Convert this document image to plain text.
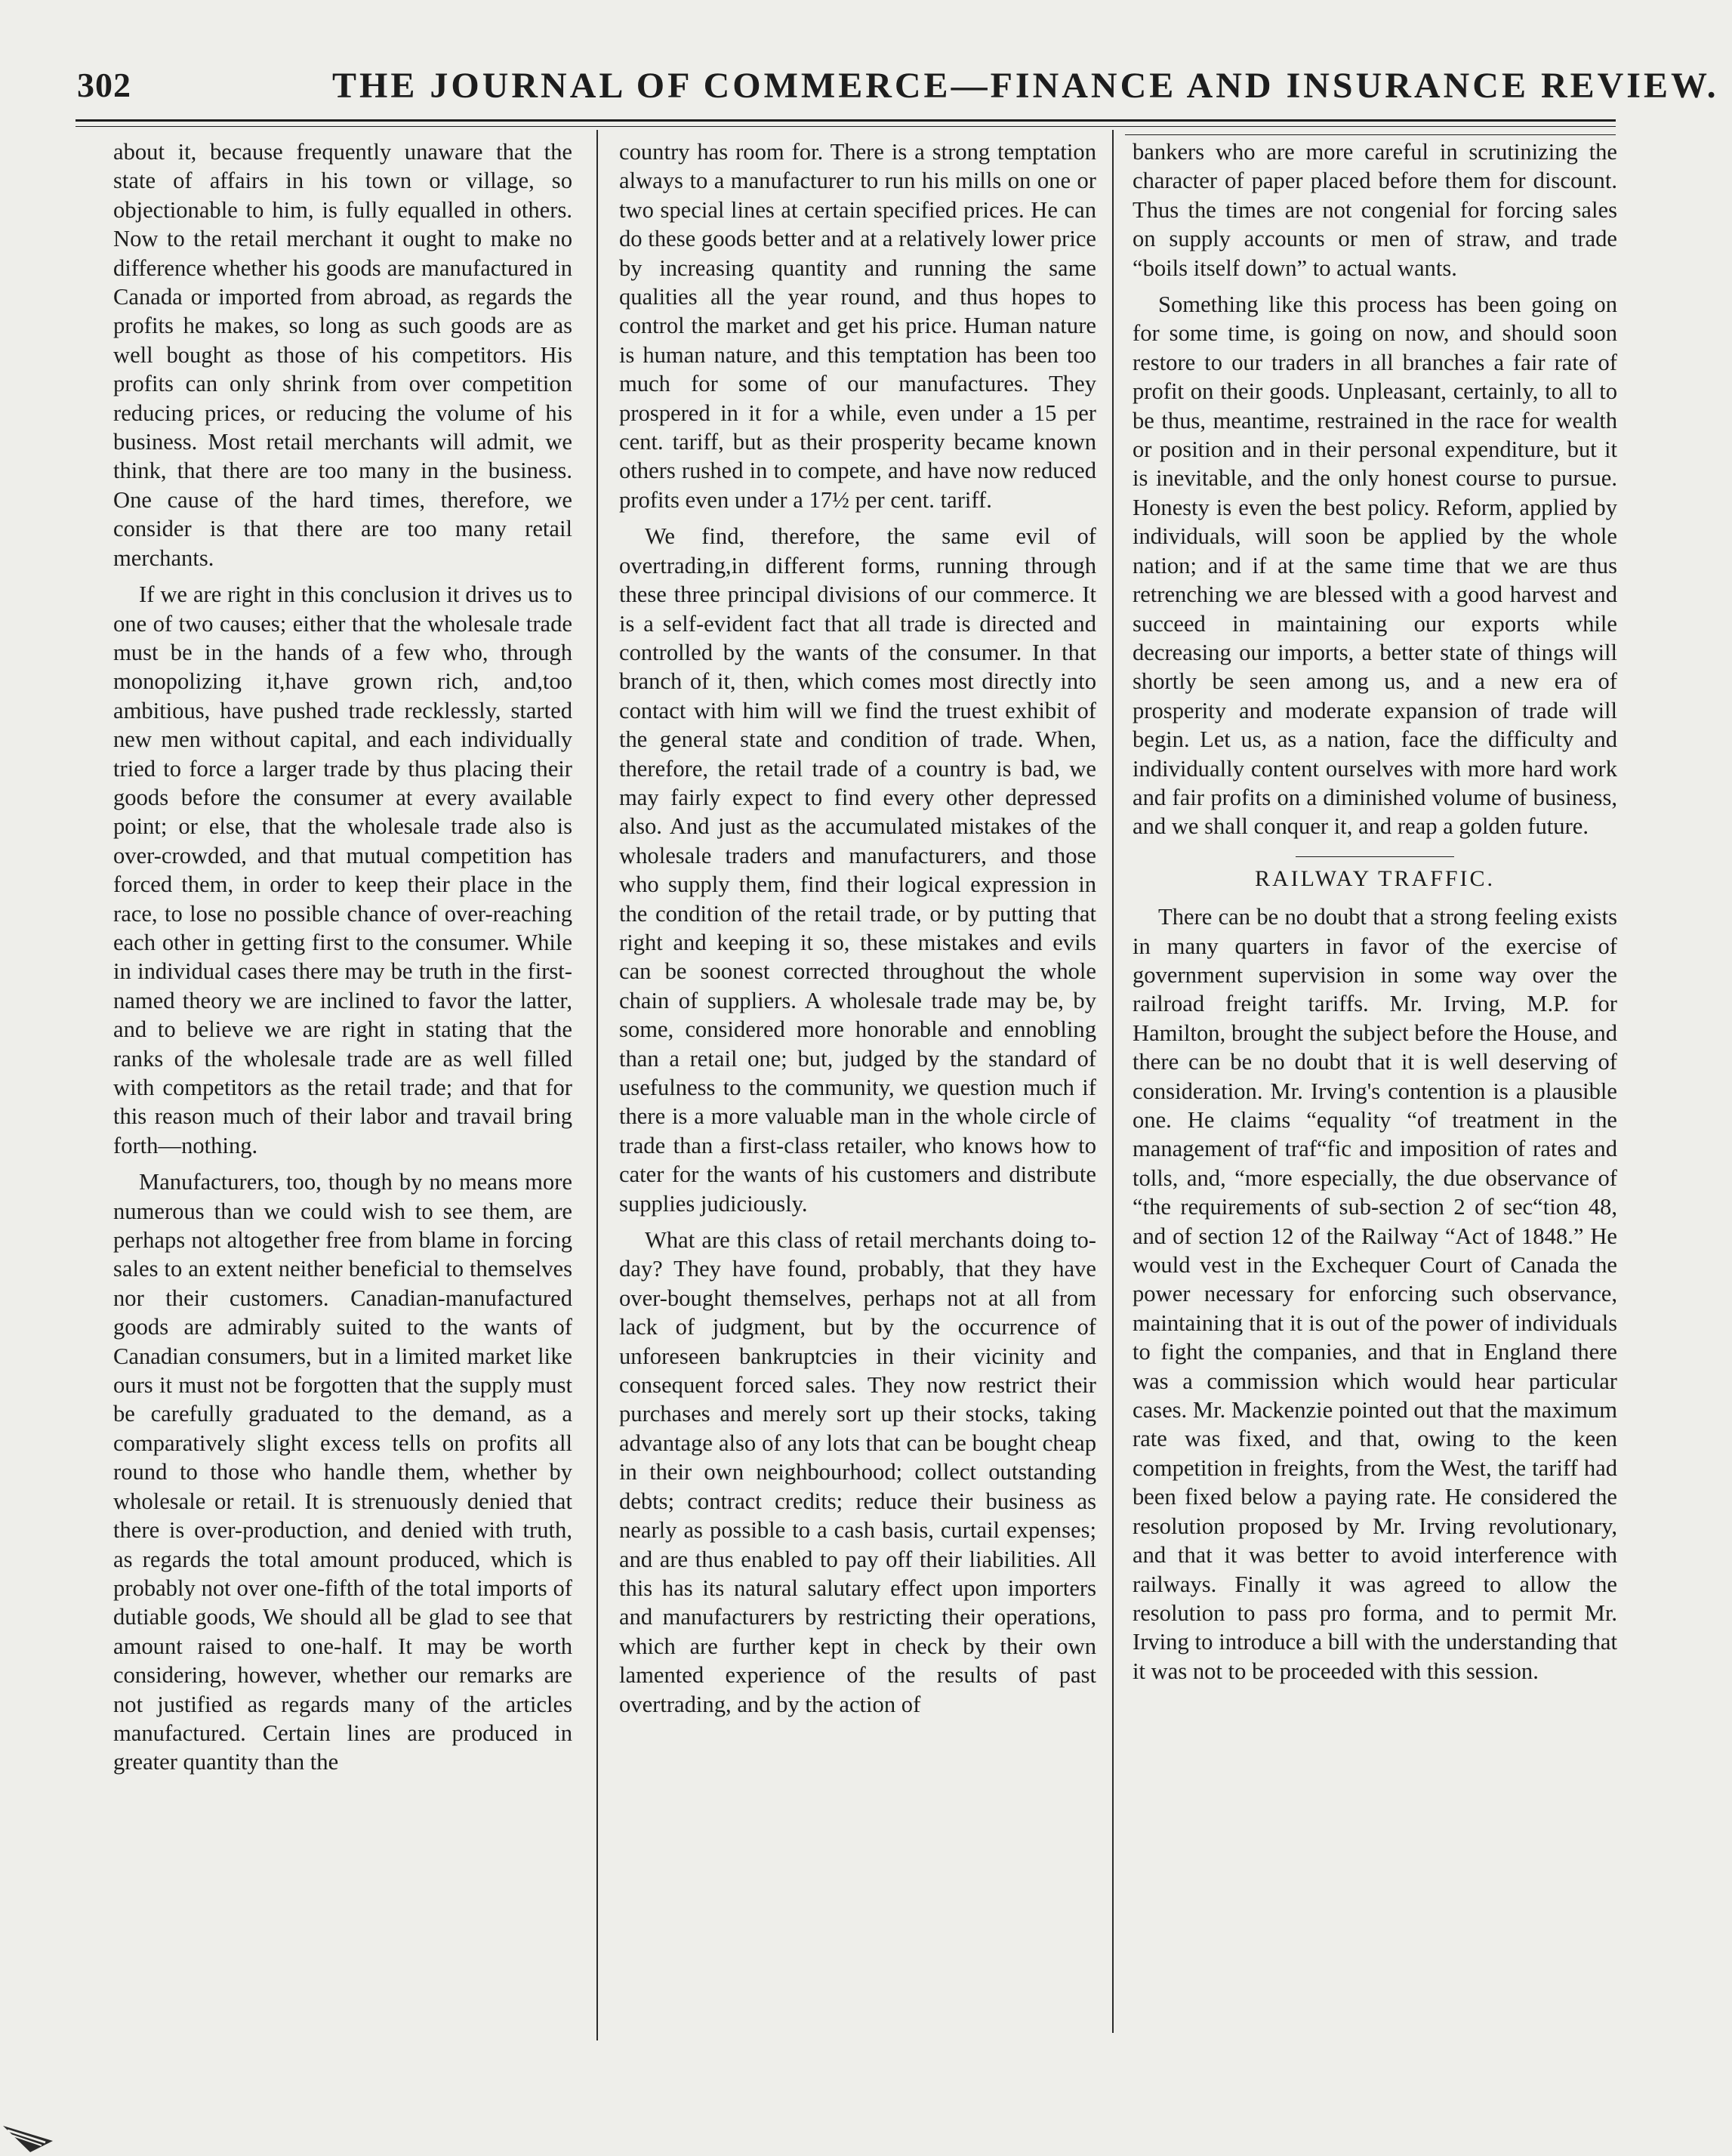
302	THE JOURNAL OF COMMERCE—FINANCE AND INSURANCE REVIEW.

about it, because frequently unaware that the state of affairs in his town or village, so objectionable to him, is fully equalled in others. Now to the retail merchant it ought to make no difference whether his goods are manufactured in Canada or imported from abroad, as regards the profits he makes, so long as such goods are as well bought as those of his competitors. His profits can only shrink from over competition reducing prices, or reducing the volume of his business. Most retail merchants will admit, we think, that there are too many in the business. One cause of the hard times, therefore, we consider is that there are too many retail merchants.

If we are right in this conclusion it drives us to one of two causes; either that the wholesale trade must be in the hands of a few who, through monopolizing it,have grown rich, and,too ambitious, have pushed trade recklessly, started new men without capital, and each individually tried to force a larger trade by thus placing their goods before the consumer at every available point; or else, that the wholesale trade also is over-crowded, and that mutual competition has forced them, in order to keep their place in the race, to lose no possible chance of over-reaching each other in getting first to the consumer. While in individual cases there may be truth in the first-named theory we are inclined to favor the latter, and to believe we are right in stating that the ranks of the wholesale trade are as well filled with competitors as the retail trade; and that for this reason much of their labor and travail bring forth—nothing.

Manufacturers, too, though by no means more numerous than we could wish to see them, are perhaps not altogether free from blame in forcing sales to an extent neither beneficial to themselves nor their customers. Canadian-manufactured goods are admirably suited to the wants of Canadian consumers, but in a limited market like ours it must not be forgotten that the supply must be carefully graduated to the demand, as a comparatively slight excess tells on profits all round to those who handle them, whether by wholesale or retail. It is strenuously denied that there is over-production, and denied with truth, as regards the total amount produced, which is probably not over one-fifth of the total imports of dutiable goods, We should all be glad to see that amount raised to one-half. It may be worth considering, however, whether our remarks are not justified as regards many of the articles manufactured. Certain lines are produced in greater quantity than the

country has room for. There is a strong temptation always to a manufacturer to run his mills on one or two special lines at certain specified prices. He can do these goods better and at a relatively lower price by increasing quantity and running the same qualities all the year round, and thus hopes to control the market and get his price. Human nature is human nature, and this temptation has been too much for some of our manufactures. They prospered in it for a while, even under a 15 per cent. tariff, but as their prosperity became known others rushed in to compete, and have now reduced profits even under a 17½ per cent. tariff.

We find, therefore, the same evil of overtrading,in different forms, running through these three principal divisions of our commerce. It is a self-evident fact that all trade is directed and controlled by the wants of the consumer. In that branch of it, then, which comes most directly into contact with him will we find the truest exhibit of the general state and condition of trade. When, therefore, the retail trade of a country is bad, we may fairly expect to find every other depressed also. And just as the accumulated mistakes of the wholesale traders and manufacturers, and those who supply them, find their logical expression in the condition of the retail trade, or by putting that right and keeping it so, these mistakes and evils can be soonest corrected throughout the whole chain of suppliers. A wholesale trade may be, by some, considered more honorable and ennobling than a retail one; but, judged by the standard of usefulness to the community, we question much if there is a more valuable man in the whole circle of trade than a first-class retailer, who knows how to cater for the wants of his customers and distribute supplies judiciously.

What are this class of retail merchants doing to-day? They have found, probably, that they have over-bought themselves, perhaps not at all from lack of judgment, but by the occurrence of unforeseen bankruptcies in their vicinity and consequent forced sales. They now restrict their purchases and merely sort up their stocks, taking advantage also of any lots that can be bought cheap in their own neighbourhood; collect outstanding debts; contract credits; reduce their business as nearly as possible to a cash basis, curtail expenses; and are thus enabled to pay off their liabilities. All this has its natural salutary effect upon importers and manufacturers by restricting their operations, which are further kept in check by their own lamented experience of the results of past overtrading, and by the action of

bankers who are more careful in scrutinizing the character of paper placed before them for discount. Thus the times are not congenial for forcing sales on supply accounts or men of straw, and trade “boils itself down” to actual wants.

Something like this process has been going on for some time, is going on now, and should soon restore to our traders in all branches a fair rate of profit on their goods. Unpleasant, certainly, to all to be thus, meantime, restrained in the race for wealth or position and in their personal expenditure, but it is inevitable, and the only honest course to pursue. Honesty is even the best policy. Reform, applied by individuals, will soon be applied by the whole nation; and if at the same time that we are thus retrenching we are blessed with a good harvest and succeed in maintaining our exports while decreasing our imports, a better state of things will shortly be seen among us, and a new era of prosperity and moderate expansion of trade will begin. Let us, as a nation, face the difficulty and individually content ourselves with more hard work and fair profits on a diminished volume of business, and we shall conquer it, and reap a golden future.

RAILWAY TRAFFIC.

There can be no doubt that a strong feeling exists in many quarters in favor of the exercise of government supervision in some way over the railroad freight tariffs. Mr. Irving, M.P. for Hamilton, brought the subject before the House, and there can be no doubt that it is well deserving of consideration. Mr. Irving's contention is a plausible one. He claims “equality “of treatment in the management of traf“fic and imposition of rates and tolls, and, “more especially, the due observance of “the requirements of sub-section 2 of sec“tion 48, and of section 12 of the Railway “Act of 1848.” He would vest in the Exchequer Court of Canada the power necessary for enforcing such observance, maintaining that it is out of the power of individuals to fight the companies, and that in England there was a commission which would hear particular cases. Mr. Mackenzie pointed out that the maximum rate was fixed, and that, owing to the keen competition in freights, from the West, the tariff had been fixed below a paying rate. He considered the resolution proposed by Mr. Irving revolutionary, and that it was better to avoid interference with railways. Finally it was agreed to allow the resolution to pass pro forma, and to permit Mr. Irving to introduce a bill with the understanding that it was not to be proceeded with this session.
